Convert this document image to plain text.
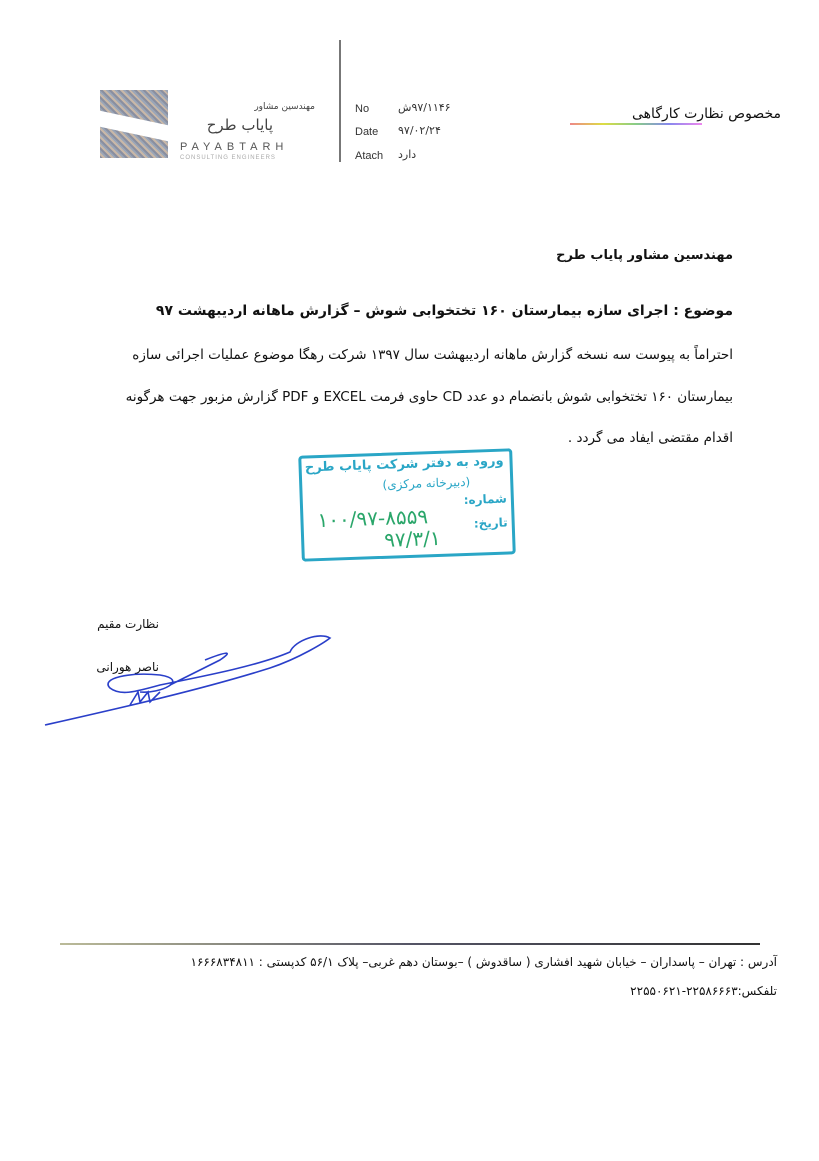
مهندسین مشاور
پایاب طرح
PAYABTARH
CONSULTING ENGINEERS
No	۹۷/۱۱۴۶ش
Date ۹۷/۰۲/۲۴
Atach دارد
مخصوص نظارت کارگاهی
مهندسین مشاور پایاب طرح
موضوع : اجرای سازه بیمارستان ۱۶۰ تختخوابی شوش – گزارش ماهانه اردیبهشت ۹۷
احتراماً به پیوست سه نسخه گزارش ماهانه اردیبهشت سال ۱۳۹۷ شرکت رهگا موضوع عملیات اجرائی سازه
بیمارستان ۱۶۰ تختخوابی شوش بانضمام دو عدد CD حاوی فرمت EXCEL و PDF گزارش مزبور جهت هرگونه
اقدام مقتضی ایفاد می گردد .
ورود به دفتر شرکت پایاب طرح
(دبیرخانه مرکزی)
شماره:
۱۰۰/۹۷-۸۵۵۹	تاریخ:
۹۷/۳/۱
نظارت مقیم
ناصر هورانی
آدرس : تهران – پاسداران – خیابان شهید افشاری ( ساقدوش ) –بوستان دهم غربی– پلاک ۵۶/۱ کدپستی : ۱۶۶۶۸۳۴۸۱۱
تلفکس:۲۲۵۸۶۶۶۳-۲۲۵۵۰۶۲۱
